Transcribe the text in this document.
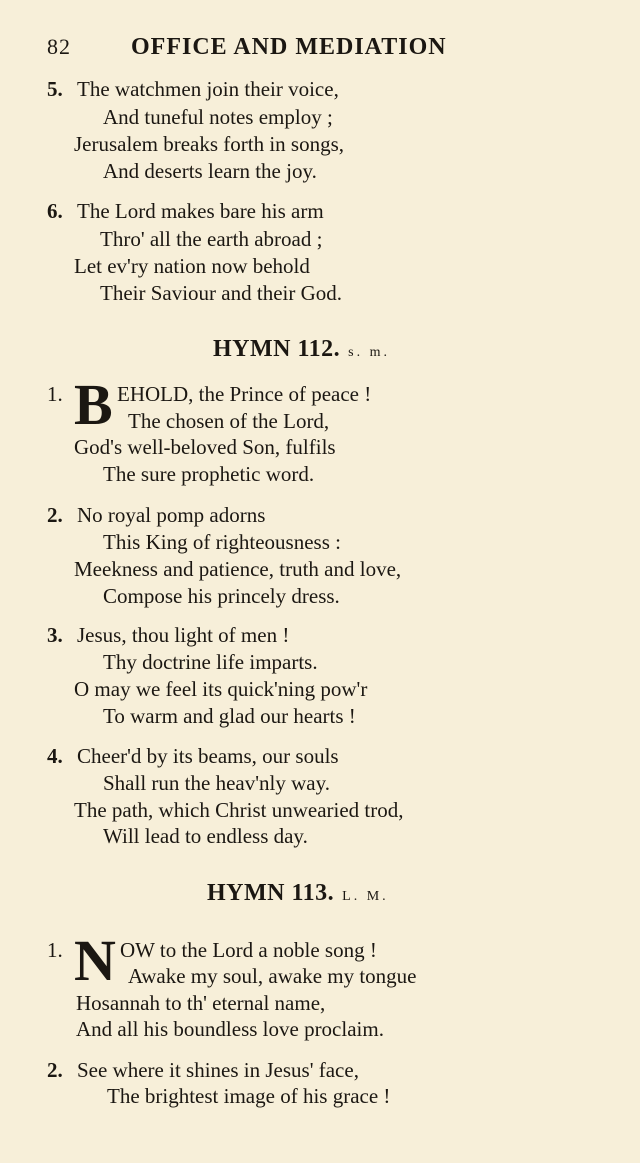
82	OFFICE AND MEDIATION
5. The watchmen join their voice,
And tuneful notes employ ;
Jerusalem breaks forth in songs,
And deserts learn the joy.
6. The Lord makes bare his arm
Thro' all the earth abroad ;
Let ev'ry nation now behold
Their Saviour and their God.
HYMN 112. s. m.
1. B EHOLD, the Prince of peace !
The chosen of the Lord,
God's well-beloved Son, fulfils
The sure prophetic word.
2. No royal pomp adorns
This King of righteousness :
Meekness and patience, truth and love,
Compose his princely dress.
3. Jesus, thou light of men !
Thy doctrine life imparts.
O may we feel its quick'ning pow'r
To warm and glad our hearts !
4. Cheer'd by its beams, our souls
Shall run the heav'nly way.
The path, which Christ unwearied trod,
Will lead to endless day.
HYMN 113. L. M.
1. N OW to the Lord a noble song !
Awake my soul, awake my tongue
Hosannah to th' eternal name,
And all his boundless love proclaim.
2. See where it shines in Jesus' face,
The brightest image of his grace !
